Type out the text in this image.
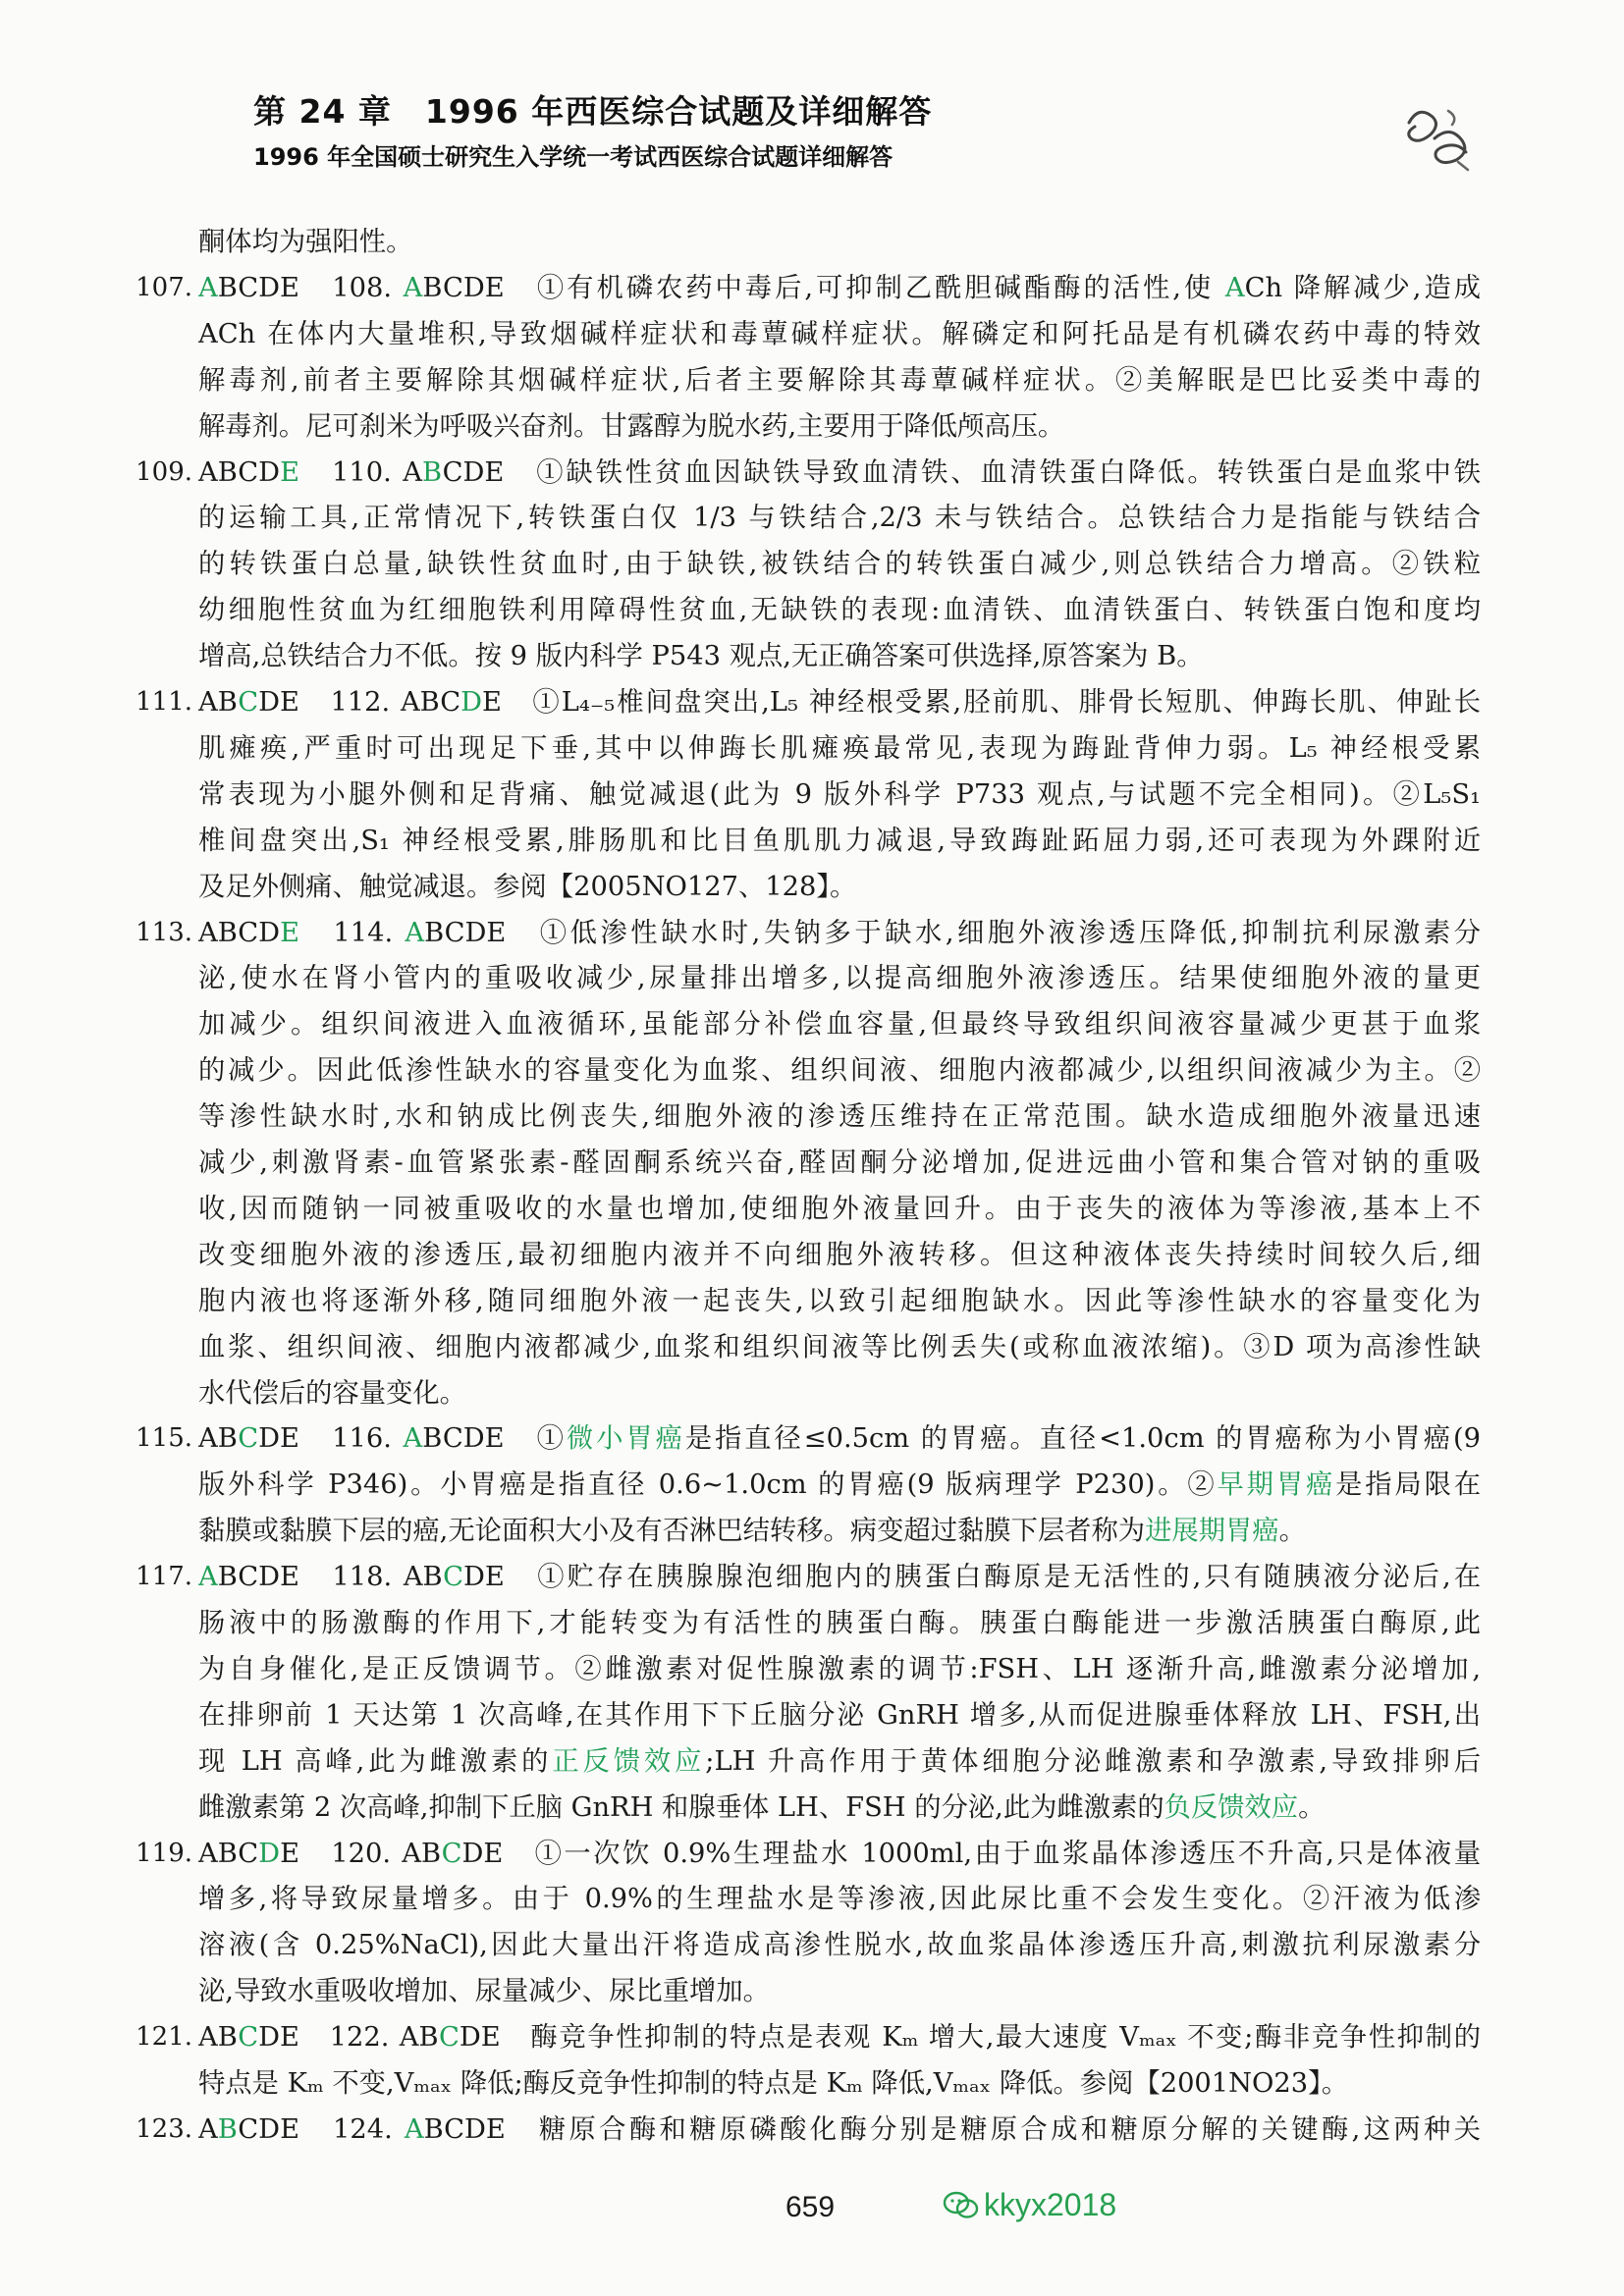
第 24 章　1996 年西医综合试题及详细解答
1996 年全国硕士研究生入学统一考试西医综合试题详细解答
酮体均为强阳性。
107. ABCDE　108. ABCDE　①有机磷农药中毒后,可抑制乙酰胆碱酯酶的活性,使 ACh 降解减少,造成
ACh 在体内大量堆积,导致烟碱样症状和毒蕈碱样症状。解磷定和阿托品是有机磷农药中毒的特效
解毒剂,前者主要解除其烟碱样症状,后者主要解除其毒蕈碱样症状。②美解眠是巴比妥类中毒的
解毒剂。尼可刹米为呼吸兴奋剂。甘露醇为脱水药,主要用于降低颅高压。
109. ABCDE　110. ABCDE　①缺铁性贫血因缺铁导致血清铁、血清铁蛋白降低。转铁蛋白是血浆中铁
的运输工具,正常情况下,转铁蛋白仅 1/3 与铁结合,2/3 未与铁结合。总铁结合力是指能与铁结合
的转铁蛋白总量,缺铁性贫血时,由于缺铁,被铁结合的转铁蛋白减少,则总铁结合力增高。②铁粒
幼细胞性贫血为红细胞铁利用障碍性贫血,无缺铁的表现:血清铁、血清铁蛋白、转铁蛋白饱和度均
增高,总铁结合力不低。按 9 版内科学 P543 观点,无正确答案可供选择,原答案为 B。
111. ABCDE　112. ABCDE　①L₄₋₅椎间盘突出,L₅ 神经根受累,胫前肌、腓骨长短肌、伸踇长肌、伸趾长
肌瘫痪,严重时可出现足下垂,其中以伸踇长肌瘫痪最常见,表现为踇趾背伸力弱。L₅ 神经根受累
常表现为小腿外侧和足背痛、触觉减退(此为 9 版外科学 P733 观点,与试题不完全相同)。②L₅S₁
椎间盘突出,S₁ 神经根受累,腓肠肌和比目鱼肌肌力减退,导致踇趾跖屈力弱,还可表现为外踝附近
及足外侧痛、触觉减退。参阅【2005NO127、128】。
113. ABCDE　114. ABCDE　①低渗性缺水时,失钠多于缺水,细胞外液渗透压降低,抑制抗利尿激素分
泌,使水在肾小管内的重吸收减少,尿量排出增多,以提高细胞外液渗透压。结果使细胞外液的量更
加减少。组织间液进入血液循环,虽能部分补偿血容量,但最终导致组织间液容量减少更甚于血浆
的减少。因此低渗性缺水的容量变化为血浆、组织间液、细胞内液都减少,以组织间液减少为主。②
等渗性缺水时,水和钠成比例丧失,细胞外液的渗透压维持在正常范围。缺水造成细胞外液量迅速
减少,刺激肾素-血管紧张素-醛固酮系统兴奋,醛固酮分泌增加,促进远曲小管和集合管对钠的重吸
收,因而随钠一同被重吸收的水量也增加,使细胞外液量回升。由于丧失的液体为等渗液,基本上不
改变细胞外液的渗透压,最初细胞内液并不向细胞外液转移。但这种液体丧失持续时间较久后,细
胞内液也将逐渐外移,随同细胞外液一起丧失,以致引起细胞缺水。因此等渗性缺水的容量变化为
血浆、组织间液、细胞内液都减少,血浆和组织间液等比例丢失(或称血液浓缩)。③D 项为高渗性缺
水代偿后的容量变化。
115. ABCDE　116. ABCDE　①微小胃癌是指直径≤0.5cm 的胃癌。直径<1.0cm 的胃癌称为小胃癌(9
版外科学 P346)。小胃癌是指直径 0.6~1.0cm 的胃癌(9 版病理学 P230)。②早期胃癌是指局限在
黏膜或黏膜下层的癌,无论面积大小及有否淋巴结转移。病变超过黏膜下层者称为进展期胃癌。
117. ABCDE　118. ABCDE　①贮存在胰腺腺泡细胞内的胰蛋白酶原是无活性的,只有随胰液分泌后,在
肠液中的肠激酶的作用下,才能转变为有活性的胰蛋白酶。胰蛋白酶能进一步激活胰蛋白酶原,此
为自身催化,是正反馈调节。②雌激素对促性腺激素的调节:FSH、LH 逐渐升高,雌激素分泌增加,
在排卵前 1 天达第 1 次高峰,在其作用下下丘脑分泌 GnRH 增多,从而促进腺垂体释放 LH、FSH,出
现 LH 高峰,此为雌激素的正反馈效应;LH 升高作用于黄体细胞分泌雌激素和孕激素,导致排卵后
雌激素第 2 次高峰,抑制下丘脑 GnRH 和腺垂体 LH、FSH 的分泌,此为雌激素的负反馈效应。
119. ABCDE　120. ABCDE　①一次饮 0.9%生理盐水 1000ml,由于血浆晶体渗透压不升高,只是体液量
增多,将导致尿量增多。由于 0.9%的生理盐水是等渗液,因此尿比重不会发生变化。②汗液为低渗
溶液(含 0.25%NaCl),因此大量出汗将造成高渗性脱水,故血浆晶体渗透压升高,刺激抗利尿激素分
泌,导致水重吸收增加、尿量减少、尿比重增加。
121. ABCDE　122. ABCDE　酶竞争性抑制的特点是表观 Kₘ 增大,最大速度 Vₘₐₓ 不变;酶非竞争性抑制的
特点是 Kₘ 不变,Vₘₐₓ 降低;酶反竞争性抑制的特点是 Kₘ 降低,Vₘₐₓ 降低。参阅【2001NO23】。
123. ABCDE　124. ABCDE　糖原合酶和糖原磷酸化酶分别是糖原合成和糖原分解的关键酶,这两种关
659	kkyx2018
